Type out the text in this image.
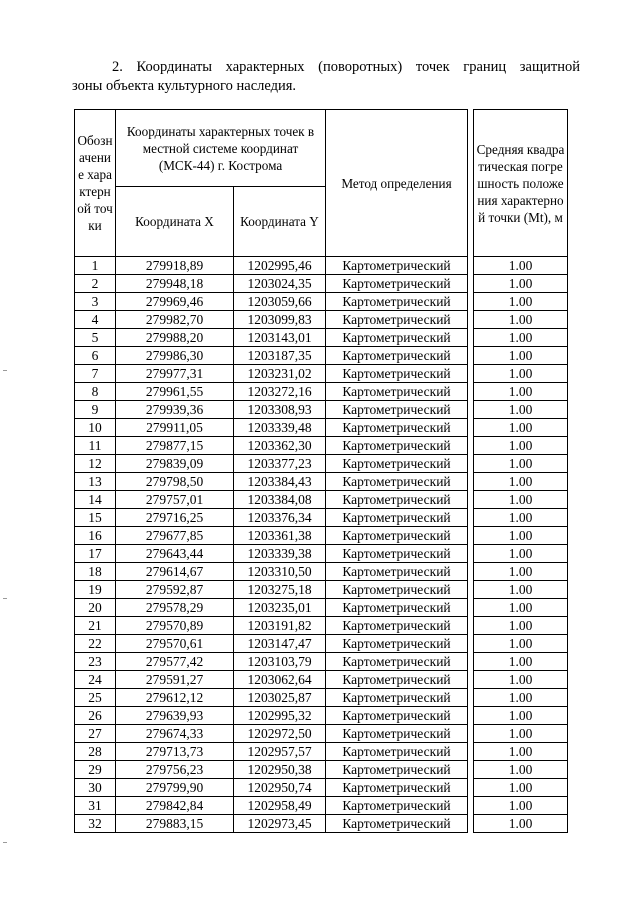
2. Координаты характерных (поворотных) точек границ защитной
зоны объекта культурного наследия.
Обозначение характерной точки	Координаты характерных точек в местной системе координат (МСК-44) г. Кострома		Метод определения		Средняя квадратическая погрешность положения характерной точки (Mt), м
	Координата X	Координата Y			
1	279918,89	1202995,46	Картометрический		1.00
2	279948,18	1203024,35	Картометрический		1.00
3	279969,46	1203059,66	Картометрический		1.00
4	279982,70	1203099,83	Картометрический		1.00
5	279988,20	1203143,01	Картометрический		1.00
6	279986,30	1203187,35	Картометрический		1.00
7	279977,31	1203231,02	Картометрический		1.00
8	279961,55	1203272,16	Картометрический		1.00
9	279939,36	1203308,93	Картометрический		1.00
10	279911,05	1203339,48	Картометрический		1.00
11	279877,15	1203362,30	Картометрический		1.00
12	279839,09	1203377,23	Картометрический		1.00
13	279798,50	1203384,43	Картометрический		1.00
14	279757,01	1203384,08	Картометрический		1.00
15	279716,25	1203376,34	Картометрический		1.00
16	279677,85	1203361,38	Картометрический		1.00
17	279643,44	1203339,38	Картометрический		1.00
18	279614,67	1203310,50	Картометрический		1.00
19	279592,87	1203275,18	Картометрический		1.00
20	279578,29	1203235,01	Картометрический		1.00
21	279570,89	1203191,82	Картометрический		1.00
22	279570,61	1203147,47	Картометрический		1.00
23	279577,42	1203103,79	Картометрический		1.00
24	279591,27	1203062,64	Картометрический		1.00
25	279612,12	1203025,87	Картометрический		1.00
26	279639,93	1202995,32	Картометрический		1.00
27	279674,33	1202972,50	Картометрический		1.00
28	279713,73	1202957,57	Картометрический		1.00
29	279756,23	1202950,38	Картометрический		1.00
30	279799,90	1202950,74	Картометрический		1.00
31	279842,84	1202958,49	Картометрический		1.00
32	279883,15	1202973,45	Картометрический		1.00
